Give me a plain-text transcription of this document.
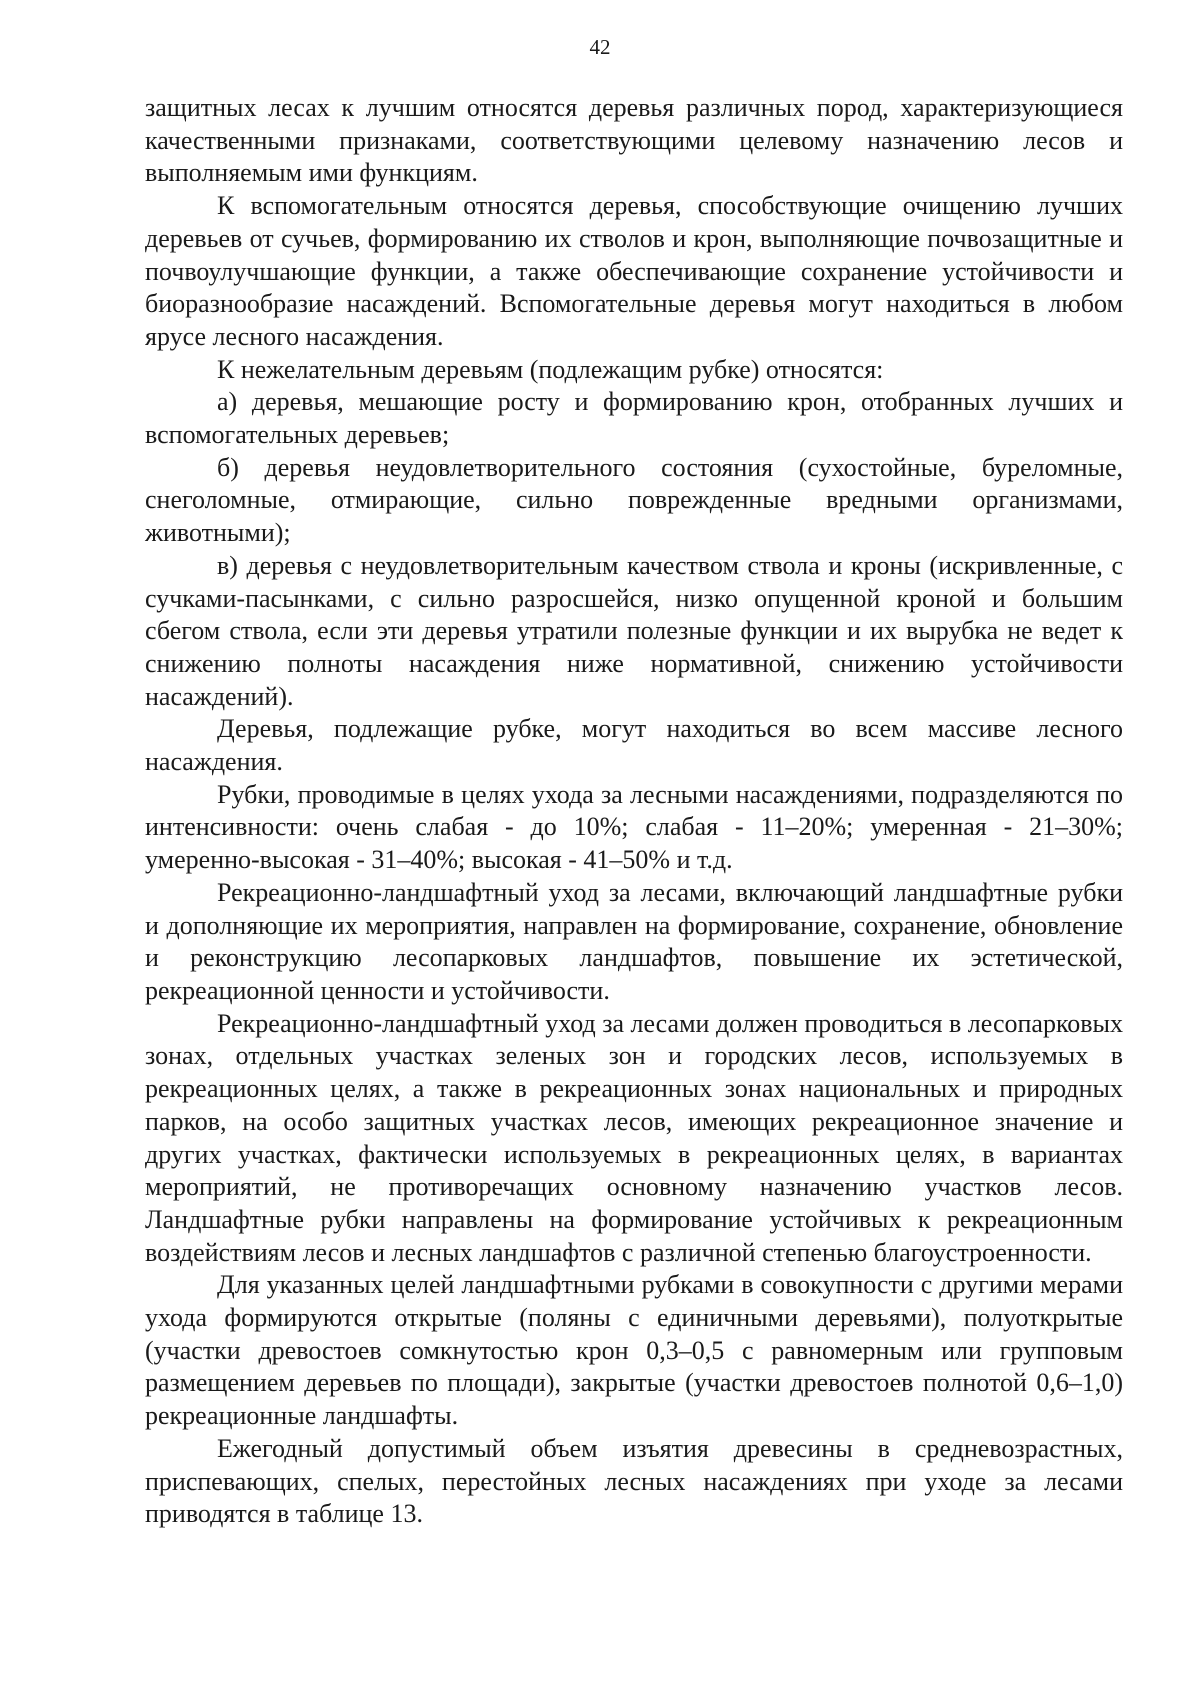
42

защитных лесах к лучшим относятся деревья различных пород, характеризующиеся качественными признаками, соответствующими целевому назначению лесов и выполняемым ими функциям.

К вспомогательным относятся деревья, способствующие очищению лучших деревьев от сучьев, формированию их стволов и крон, выполняющие почвозащитные и почвоулучшающие функции, а также обеспечивающие сохранение устойчивости и биоразнообразие насаждений. Вспомогательные деревья могут находиться в любом ярусе лесного насаждения.

К нежелательным деревьям (подлежащим рубке) относятся:

а) деревья, мешающие росту и формированию крон, отобранных лучших и вспомогательных деревьев;

б) деревья неудовлетворительного состояния (сухостойные, буреломные, снеголомные, отмирающие, сильно поврежденные вредными организмами, животными);

в) деревья с неудовлетворительным качеством ствола и кроны (искривленные, с сучками-пасынками, с сильно разросшейся, низко опущенной кроной и большим сбегом ствола, если эти деревья утратили полезные функции и их вырубка не ведет к снижению полноты насаждения ниже нормативной, снижению устойчивости насаждений).

Деревья, подлежащие рубке, могут находиться во всем массиве лесного насаждения.

Рубки, проводимые в целях ухода за лесными насаждениями, подразделяются по интенсивности: очень слабая - до 10%; слабая - 11–20%; умеренная - 21–30%; умеренно-высокая - 31–40%; высокая - 41–50% и т.д.

Рекреационно-ландшафтный уход за лесами, включающий ландшафтные рубки и дополняющие их мероприятия, направлен на формирование, сохранение, обновление и реконструкцию лесопарковых ландшафтов, повышение их эстетической, рекреационной ценности и устойчивости.

Рекреационно-ландшафтный уход за лесами должен проводиться в лесопарковых зонах, отдельных участках зеленых зон и городских лесов, используемых в рекреационных целях, а также в рекреационных зонах национальных и природных парков, на особо защитных участках лесов, имеющих рекреационное значение и других участках, фактически используемых в рекреационных целях, в вариантах мероприятий, не противоречащих основному назначению участков лесов. Ландшафтные рубки направлены на формирование устойчивых к рекреационным воздействиям лесов и лесных ландшафтов с различной степенью благоустроенности.

Для указанных целей ландшафтными рубками в совокупности с другими мерами ухода формируются открытые (поляны с единичными деревьями), полуоткрытые (участки древостоев сомкнутостью крон 0,3–0,5 с равномерным или групповым размещением деревьев по площади), закрытые (участки древостоев полнотой 0,6–1,0) рекреационные ландшафты.

Ежегодный допустимый объем изъятия древесины в средневозрастных, приспевающих, спелых, перестойных лесных насаждениях при уходе за лесами приводятся в таблице 13.
